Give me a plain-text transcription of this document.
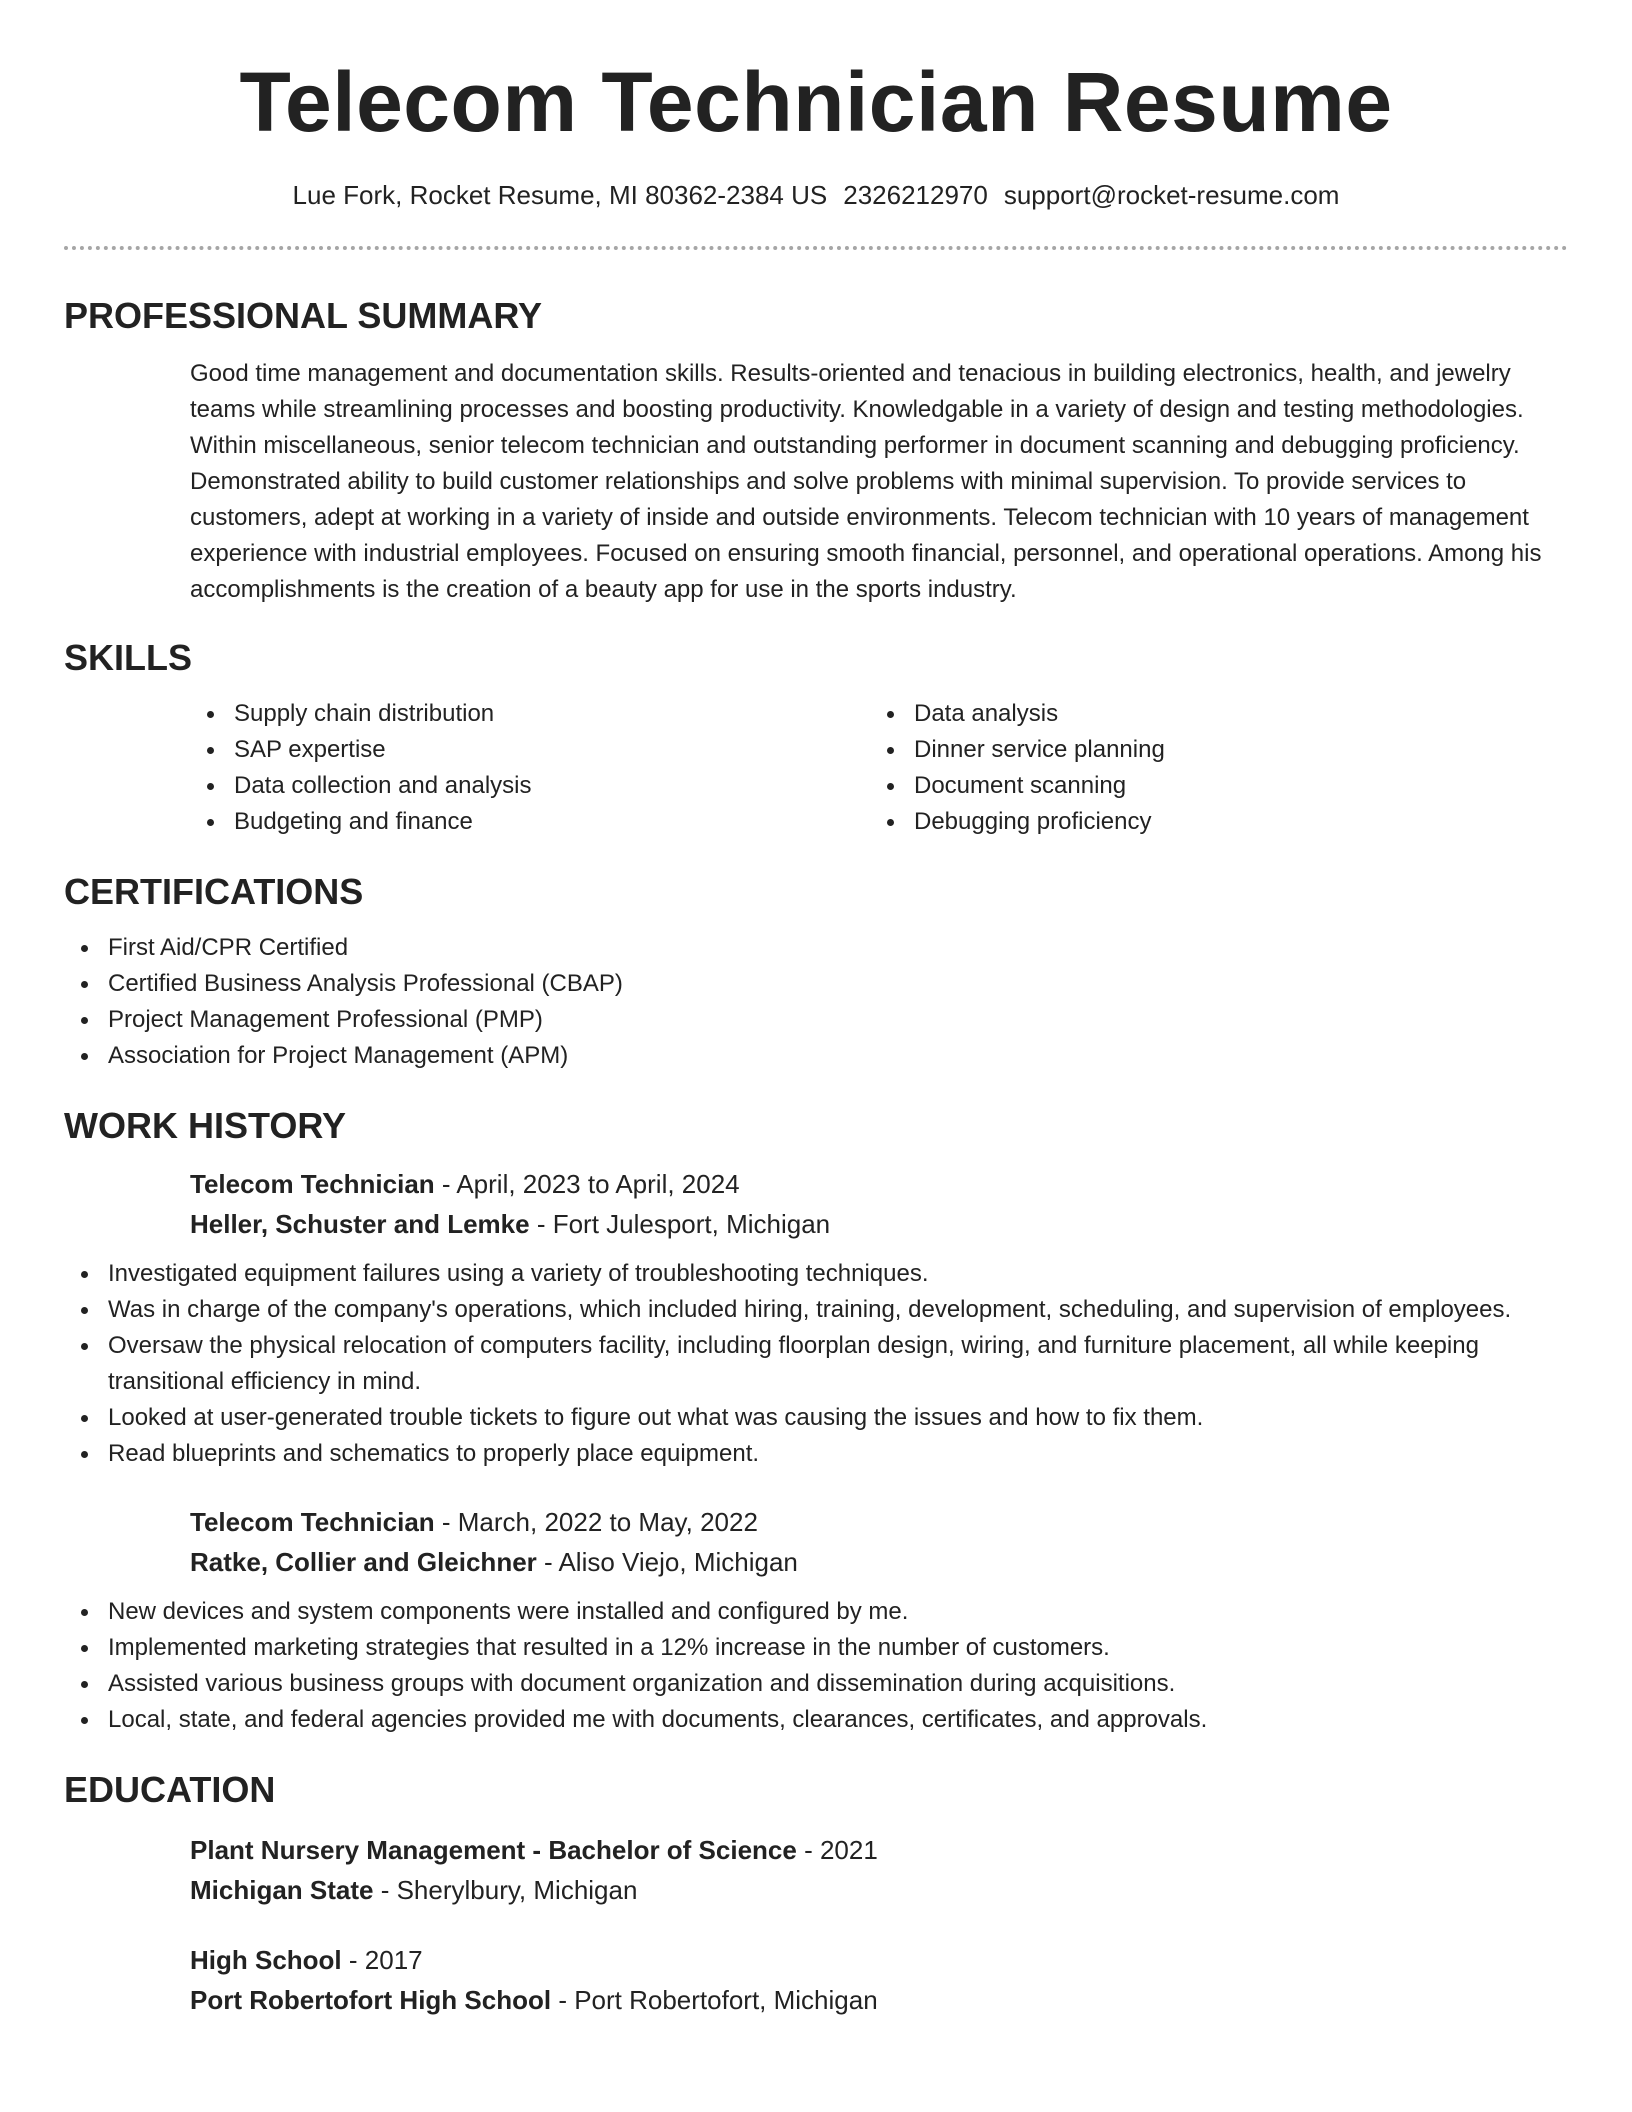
Telecom Technician Resume
Lue Fork, Rocket Resume, MI 80362-2384 US 2326212970 support@rocket-resume.com
PROFESSIONAL SUMMARY

Good time management and documentation skills. Results-oriented and tenacious in building electronics, health, and jewelry teams while streamlining processes and boosting productivity. Knowledgable in a variety of design and testing methodologies. Within miscellaneous, senior telecom technician and outstanding performer in document scanning and debugging proficiency. Demonstrated ability to build customer relationships and solve problems with minimal supervision. To provide services to customers, adept at working in a variety of inside and outside environments. Telecom technician with 10 years of management experience with industrial employees. Focused on ensuring smooth financial, personnel, and operational operations. Among his accomplishments is the creation of a beauty app for use in the sports industry.

SKILLS
Supply chain distribution
SAP expertise
Data collection and analysis
Budgeting and finance
Data analysis
Dinner service planning
Document scanning
Debugging proficiency
CERTIFICATIONS
First Aid/CPR Certified
Certified Business Analysis Professional (CBAP)
Project Management Professional (PMP)
Association for Project Management (APM)
WORK HISTORY
Telecom Technician - April, 2023 to April, 2024
Heller, Schuster and Lemke - Fort Julesport, Michigan
Investigated equipment failures using a variety of troubleshooting techniques.
Was in charge of the company's operations, which included hiring, training, development, scheduling, and supervision of employees.
Oversaw the physical relocation of computers facility, including floorplan design, wiring, and furniture placement, all while keeping transitional efficiency in mind.
Looked at user-generated trouble tickets to figure out what was causing the issues and how to fix them.
Read blueprints and schematics to properly place equipment.
Telecom Technician - March, 2022 to May, 2022
Ratke, Collier and Gleichner - Aliso Viejo, Michigan
New devices and system components were installed and configured by me.
Implemented marketing strategies that resulted in a 12% increase in the number of customers.
Assisted various business groups with document organization and dissemination during acquisitions.
Local, state, and federal agencies provided me with documents, clearances, certificates, and approvals.
EDUCATION
Plant Nursery Management - Bachelor of Science - 2021
Michigan State - Sherylbury, Michigan
High School - 2017
Port Robertofort High School - Port Robertofort, Michigan
